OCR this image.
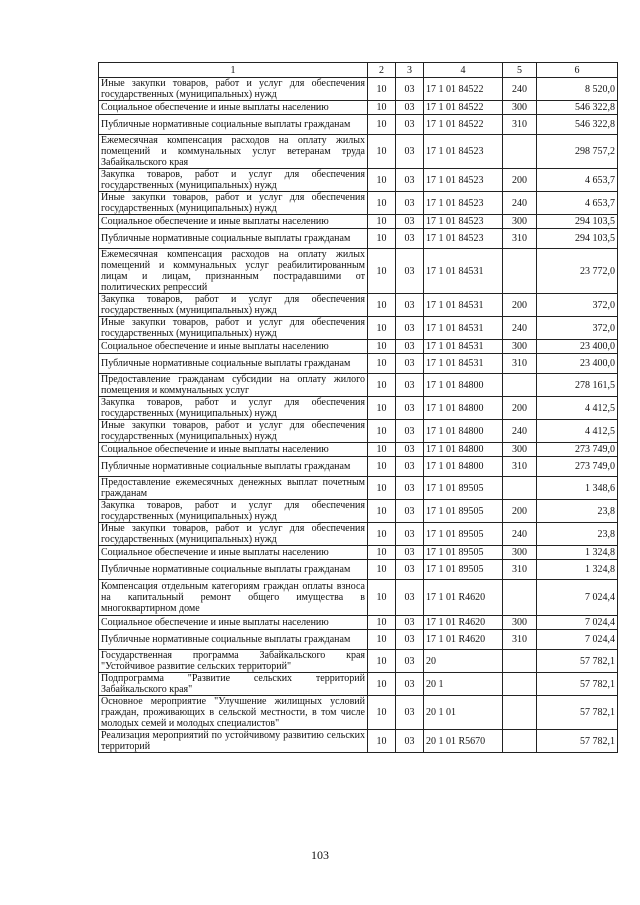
1	2	3	4	5	6
Иные закупки товаров, работ и услуг для обеспечения государственных (муниципальных) нужд	10	03	17 1 01 84522	240	8 520,0
Социальное обеспечение и иные выплаты населению	10	03	17 1 01 84522	300	546 322,8
Публичные нормативные социальные выплаты гражданам	10	03	17 1 01 84522	310	546 322,8
Ежемесячная компенсация расходов на оплату жилых помещений и коммунальных услуг ветеранам труда Забайкальского края	10	03	17 1 01 84523		298 757,2
Закупка товаров, работ и услуг для обеспечения государственных (муниципальных) нужд	10	03	17 1 01 84523	200	4 653,7
Иные закупки товаров, работ и услуг для обеспечения государственных (муниципальных) нужд	10	03	17 1 01 84523	240	4 653,7
Социальное обеспечение и иные выплаты населению	10	03	17 1 01 84523	300	294 103,5
Публичные нормативные социальные выплаты гражданам	10	03	17 1 01 84523	310	294 103,5
Ежемесячная компенсация расходов на оплату жилых помещений и коммунальных услуг реабилитированным лицам и лицам, признанным пострадавшими от политических репрессий	10	03	17 1 01 84531		23 772,0
Закупка товаров, работ и услуг для обеспечения государственных (муниципальных) нужд	10	03	17 1 01 84531	200	372,0
Иные закупки товаров, работ и услуг для обеспечения государственных (муниципальных) нужд	10	03	17 1 01 84531	240	372,0
Социальное обеспечение и иные выплаты населению	10	03	17 1 01 84531	300	23 400,0
Публичные нормативные социальные выплаты гражданам	10	03	17 1 01 84531	310	23 400,0
Предоставление гражданам субсидии на оплату жилого помещения и коммунальных услуг	10	03	17 1 01 84800		278 161,5
Закупка товаров, работ и услуг для обеспечения государственных (муниципальных) нужд	10	03	17 1 01 84800	200	4 412,5
Иные закупки товаров, работ и услуг для обеспечения государственных (муниципальных) нужд	10	03	17 1 01 84800	240	4 412,5
Социальное обеспечение и иные выплаты населению	10	03	17 1 01 84800	300	273 749,0
Публичные нормативные социальные выплаты гражданам	10	03	17 1 01 84800	310	273 749,0
Предоставление ежемесячных денежных выплат почетным гражданам	10	03	17 1 01 89505		1 348,6
Закупка товаров, работ и услуг для обеспечения государственных (муниципальных) нужд	10	03	17 1 01 89505	200	23,8
Иные закупки товаров, работ и услуг для обеспечения государственных (муниципальных) нужд	10	03	17 1 01 89505	240	23,8
Социальное обеспечение и иные выплаты населению	10	03	17 1 01 89505	300	1 324,8
Публичные нормативные социальные выплаты гражданам	10	03	17 1 01 89505	310	1 324,8
Компенсация отдельным категориям граждан оплаты взноса на капитальный ремонт общего имущества в многоквартирном доме	10	03	17 1 01 R4620		7 024,4
Социальное обеспечение и иные выплаты населению	10	03	17 1 01 R4620	300	7 024,4
Публичные нормативные социальные выплаты гражданам	10	03	17 1 01 R4620	310	7 024,4
Государственная программа Забайкальского края "Устойчивое развитие сельских территорий"	10	03	20		57 782,1
Подпрограмма "Развитие сельских территорий Забайкальского края"	10	03	20 1		57 782,1
Основное мероприятие "Улучшение жилищных условий граждан, проживающих в сельской местности, в том числе молодых семей и молодых специалистов"	10	03	20 1 01		57 782,1
Реализация мероприятий по устойчивому развитию сельских территорий	10	03	20 1 01 R5670		57 782,1
103
